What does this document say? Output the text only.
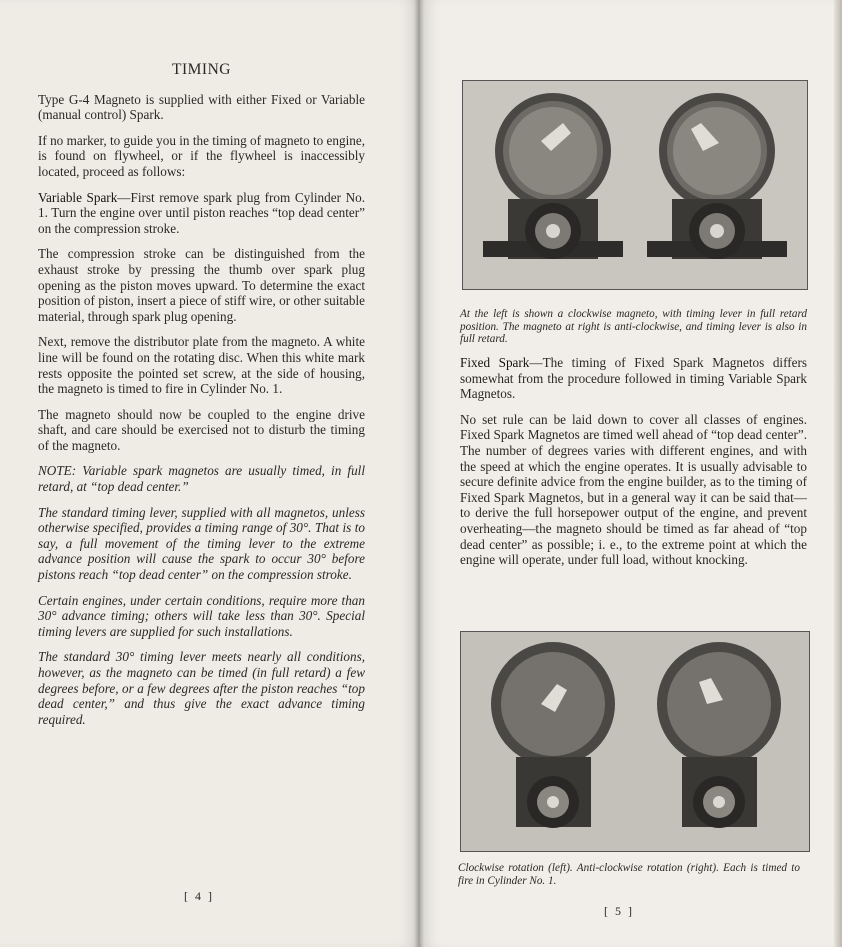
TIMING

Type G-4 Magneto is supplied with either Fixed or Variable (manual control) Spark.

If no marker, to guide you in the timing of magneto to engine, is found on flywheel, or if the flywheel is inaccessibly located, proceed as follows:

Variable Spark—First remove spark plug from Cylinder No. 1. Turn the engine over until piston reaches “top dead center” on the compression stroke.

The compression stroke can be distinguished from the exhaust stroke by pressing the thumb over spark plug opening as the piston moves upward. To determine the exact position of piston, insert a piece of stiff wire, or other suitable material, through spark plug opening.

Next, remove the distributor plate from the magneto. A white line will be found on the rotating disc. When this white mark rests opposite the pointed set screw, at the side of housing, the magneto is timed to fire in Cylinder No. 1.

The magneto should now be coupled to the engine drive shaft, and care should be exercised not to disturb the timing of the magneto.

NOTE: Variable spark magnetos are usually timed, in full retard, at “top dead center.”

The standard timing lever, supplied with all magnetos, unless otherwise specified, provides a timing range of 30°. That is to say, a full movement of the timing lever to the extreme advance position will cause the spark to occur 30° before pistons reach “top dead center” on the compression stroke.

Certain engines, under certain conditions, require more than 30° advance timing; others will take less than 30°. Special timing levers are supplied for such installations.

The standard 30° timing lever meets nearly all conditions, however, as the magneto can be timed (in full retard) a few degrees before, or a few degrees after the piston reaches “top dead center,” and thus give the exact advance timing required.

[ 4 ]
At the left is shown a clockwise magneto, with timing lever in full retard position. The magneto at right is anti-clockwise, and timing lever is also in full retard.

Fixed Spark—The timing of Fixed Spark Magnetos differs somewhat from the procedure followed in timing Variable Spark Magnetos.

No set rule can be laid down to cover all classes of engines. Fixed Spark Magnetos are timed well ahead of “top dead center”. The number of degrees varies with different engines, and with the speed at which the engine operates. It is usually advisable to secure definite advice from the engine builder, as to the timing of Fixed Spark Magnetos, but in a general way it can be said that—to derive the full horsepower output of the engine, and prevent overheating—the magneto should be timed as far ahead of “top dead center” as possible; i. e., to the extreme point at which the engine will operate, under full load, without knocking.

Clockwise rotation (left). Anti-clockwise rotation (right). Each is timed to fire in Cylinder No. 1.
[ 5 ]
